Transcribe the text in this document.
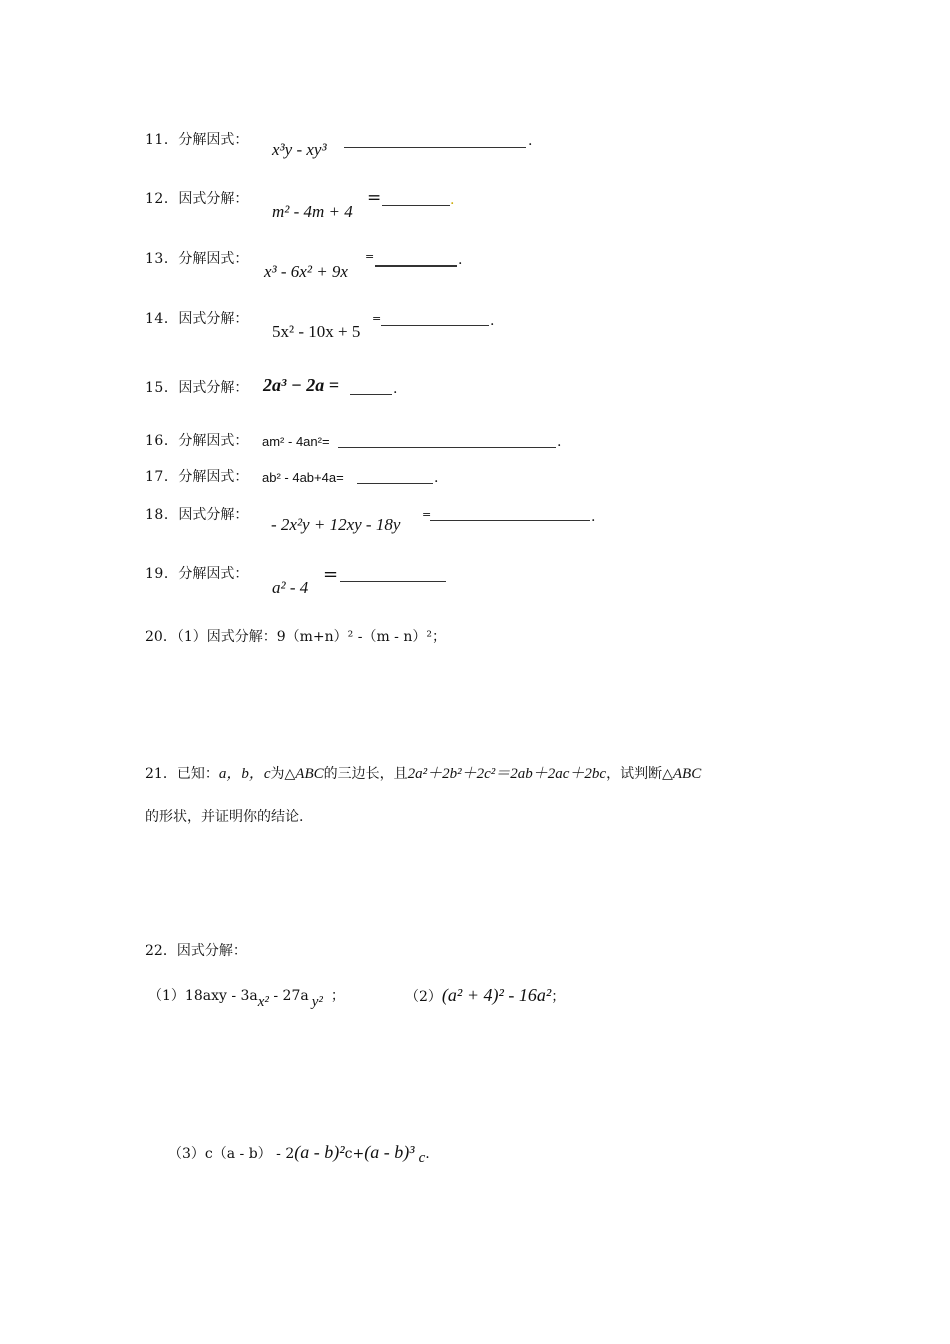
11．分解因式： x³y - xy³	.
12．因式分解：
m² - 4m + 4
=	.
13．分解因式：
x³ - 6x² + 9x
=	.
14．因式分解：
5x² - 10x + 5
=	.
15．因式分解： 2a³ − 2a =	.
16．分解因式： am² - 4an²=	.
17．分解因式： ab² - 4ab+4a=	.
18．因式分解： - 2x²y + 12xy - 18y
=	.
19．分解因式：
a² - 4
=
20．（1）因式分解：9（m+n）² -（m - n）²；
21．已知：a，b，c为△ABC的三边长，且2a²＋2b²＋2c²＝2ab＋2ac＋2bc，试判断△ABC
的形状，并证明你的结论.
22．因式分解：
（1）18axy - 3ax² - 27a y² ；	（2）(a² + 4)² - 16a²；
（3）c（a - b） - 2(a - b)²c+(a - b)³ c.
